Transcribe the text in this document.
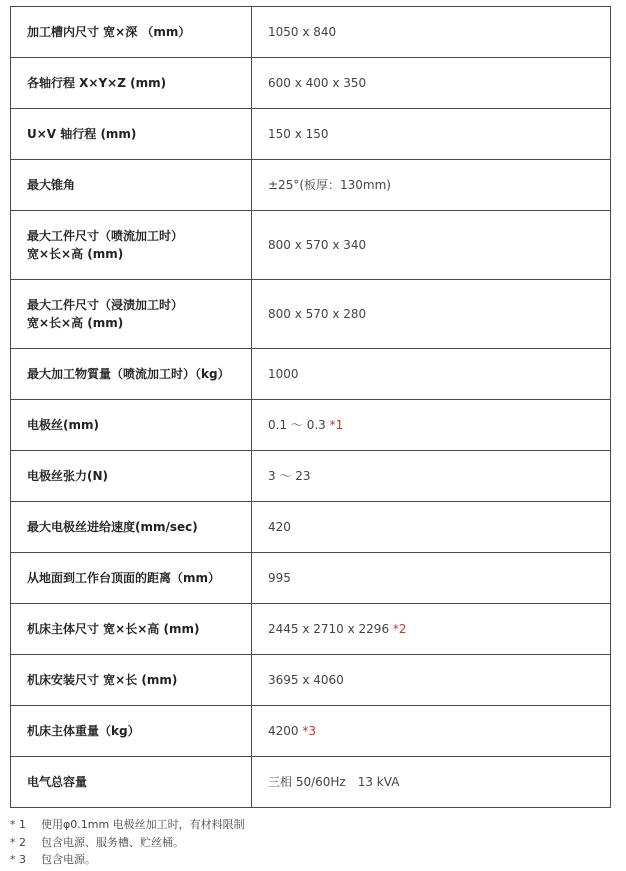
加工槽内尺寸 宽×深 （mm）	1050 x 840
各轴行程 X×Y×Z (mm)	600 x 400 x 350
U×V 轴行程 (mm)	150 x 150
最大锥角	±25°(板厚：130mm)
最大工件尺寸（喷流加工时）
宽×长×高 (mm)	800 x 570 x 340
最大工件尺寸（浸渍加工时）
宽×长×高 (mm)	800 x 570 x 280
最大加工物質量（喷流加工时）（kg）	1000
电极丝(mm)	0.1 ～ 0.3 *1
电极丝张力(N)	3 ～ 23
最大电极丝进给速度(mm/sec)	420
从地面到工作台顶面的距离（mm）	995
机床主体尺寸 宽×长×高 (mm)	2445 x 2710 x 2296 *2
机床安装尺寸 宽×长 (mm)	3695 x 4060
机床主体重量（kg）	4200 *3
电气总容量	三相 50/60Hz　13 kVA
* 1	使用φ0.1mm 电极丝加工时，有材料限制
* 2	包含电源、服务槽、贮丝桶。
* 3	包含电源。
